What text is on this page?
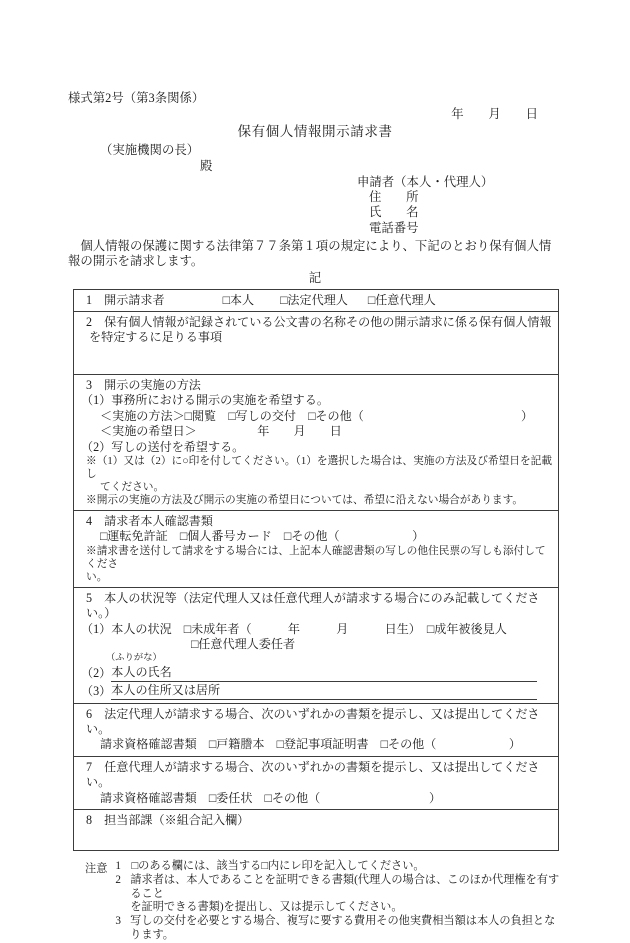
様式第2号（第3条関係）
年　　月　　日
保有個人情報開示請求書
（実施機関の長）
殿
申請者（本人・代理人）
住　　所
氏　　名
電話番号
　個人情報の保護に関する法律第７７条第１項の規定により、下記のとおり保有個人情
報の開示を請求します。
記
1　開示請求者	□本人 □法定代理人 □任意代理人
2　保有個人情報が記録されている公文書の名称その他の開示請求に係る保有個人情報
を特定するに足りる事項
3　開示の実施の方法
（1）事務所における開示の実施を希望する。
＜実施の方法＞□閲覧　□写しの交付　□その他（　　　　　　　　　　　　　）
＜実施の希望日＞　　　　　年　　月　　日
（2）写しの送付を希望する。
※（1）又は（2）に○印を付してください。（1）を選択した場合は、実施の方法及び希望日を記載し
てください。
※開示の実施の方法及び開示の実施の希望日については、希望に沿えない場合があります。
4　請求者本人確認書類
□運転免許証　□個人番号カード　□その他（　　　　　　）
※請求書を送付して請求をする場合には、上記本人確認書類の写しの他住民票の写しも添付してくださ
い。
5　本人の状況等（法定代理人又は任意代理人が請求する場合にのみ記載してください。）
（1）本人の状況　□未成年者（　　　年　　　月　　　日生）　□成年被後見人
□任意代理人委任者
（ふりがな）
（2） 本人の氏名
（3） 本人の住所又は居所
6　法定代理人が請求する場合、次のいずれかの書類を提示し、又は提出してください。
請求資格確認書類　□戸籍謄本　□登記事項証明書　□その他（　　　　　　）
7　任意代理人が請求する場合、次のいずれかの書類を提示し、又は提出してください。
請求資格確認書類　□委任状　□その他（　　　　　　　　　）
8　担当部課（※組合記入欄）
注意 1 □のある欄には、該当する□内にレ印を記入してください。
2 請求者は、本人であることを証明できる書類(代理人の場合は、このほか代理権を有すること
を証明できる書類)を提出し、又は提示してください。
3 写しの交付を必要とする場合、複写に要する費用その他実費相当額は本人の負担となります。
